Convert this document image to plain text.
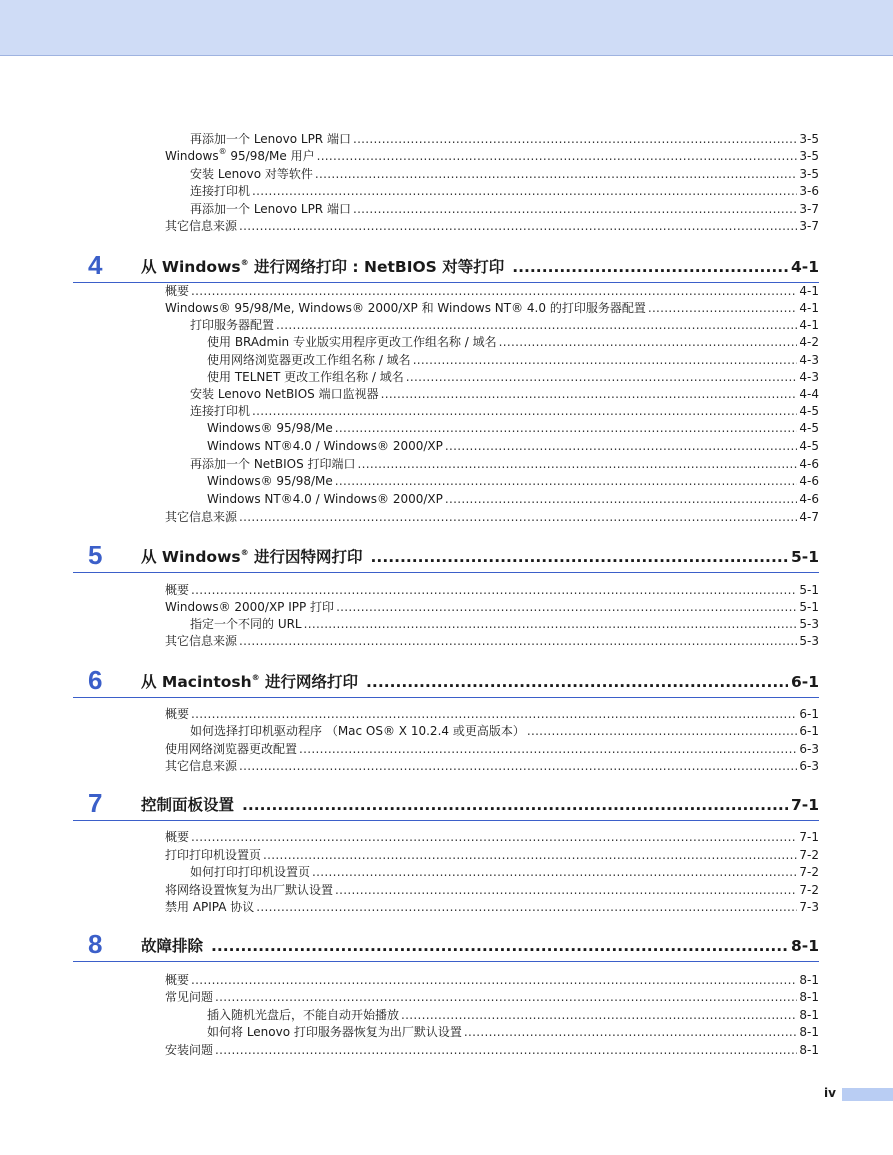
再添加一个 Lenovo LPR 端口 .....	3-5
Windows® 95/98/Me 用户 .....	3-5
安装 Lenovo 对等软件 .....	3-5
连接打印机 .....	3-6
再添加一个 Lenovo LPR 端口 .....	3-7
其它信息来源 .....	3-7
4 从 Windows® 进行网络打印 : NetBIOS 对等打印 .....	4-1
概要 .....	4-1
Windows® 95/98/Me, Windows® 2000/XP 和 Windows NT® 4.0 的打印服务器配置 .....	4-1
打印服务器配置 .....	4-1
使用 BRAdmin 专业版实用程序更改工作组名称 / 域名 .....	4-2
使用网络浏览器更改工作组名称 / 域名 .....	4-3
使用 TELNET 更改工作组名称 / 域名 .....	4-3
安装 Lenovo NetBIOS 端口监视器 .....	4-4
连接打印机 .....	4-5
Windows® 95/98/Me .....	4-5
Windows NT®4.0 / Windows® 2000/XP .....	4-5
再添加一个 NetBIOS 打印端口 .....	4-6
Windows® 95/98/Me .....	4-6
Windows NT®4.0 / Windows® 2000/XP .....	4-6
其它信息来源 .....	4-7
5 从 Windows® 进行因特网打印 .....	5-1
概要 .....	5-1
Windows® 2000/XP IPP 打印 .....	5-1
指定一个不同的 URL .....	5-3
其它信息来源 .....	5-3
6 从 Macintosh® 进行网络打印 .....	6-1
概要 .....	6-1
如何选择打印机驱动程序 （Mac OS® X 10.2.4 或更高版本） .....	6-1
使用网络浏览器更改配置 .....	6-3
其它信息来源 .....	6-3
7 控制面板设置 .....	7-1
概要 .....	7-1
打印打印机设置页 .....	7-2
如何打印打印机设置页 .....	7-2
将网络设置恢复为出厂默认设置 .....	7-2
禁用 APIPA 协议 .....	7-3
8 故障排除 .....	8-1
概要 .....	8-1
常见问题 .....	8-1
插入随机光盘后，不能自动开始播放 .....	8-1
如何将 Lenovo 打印服务器恢复为出厂默认设置 .....	8-1
安装问题 .....	8-1
iv
